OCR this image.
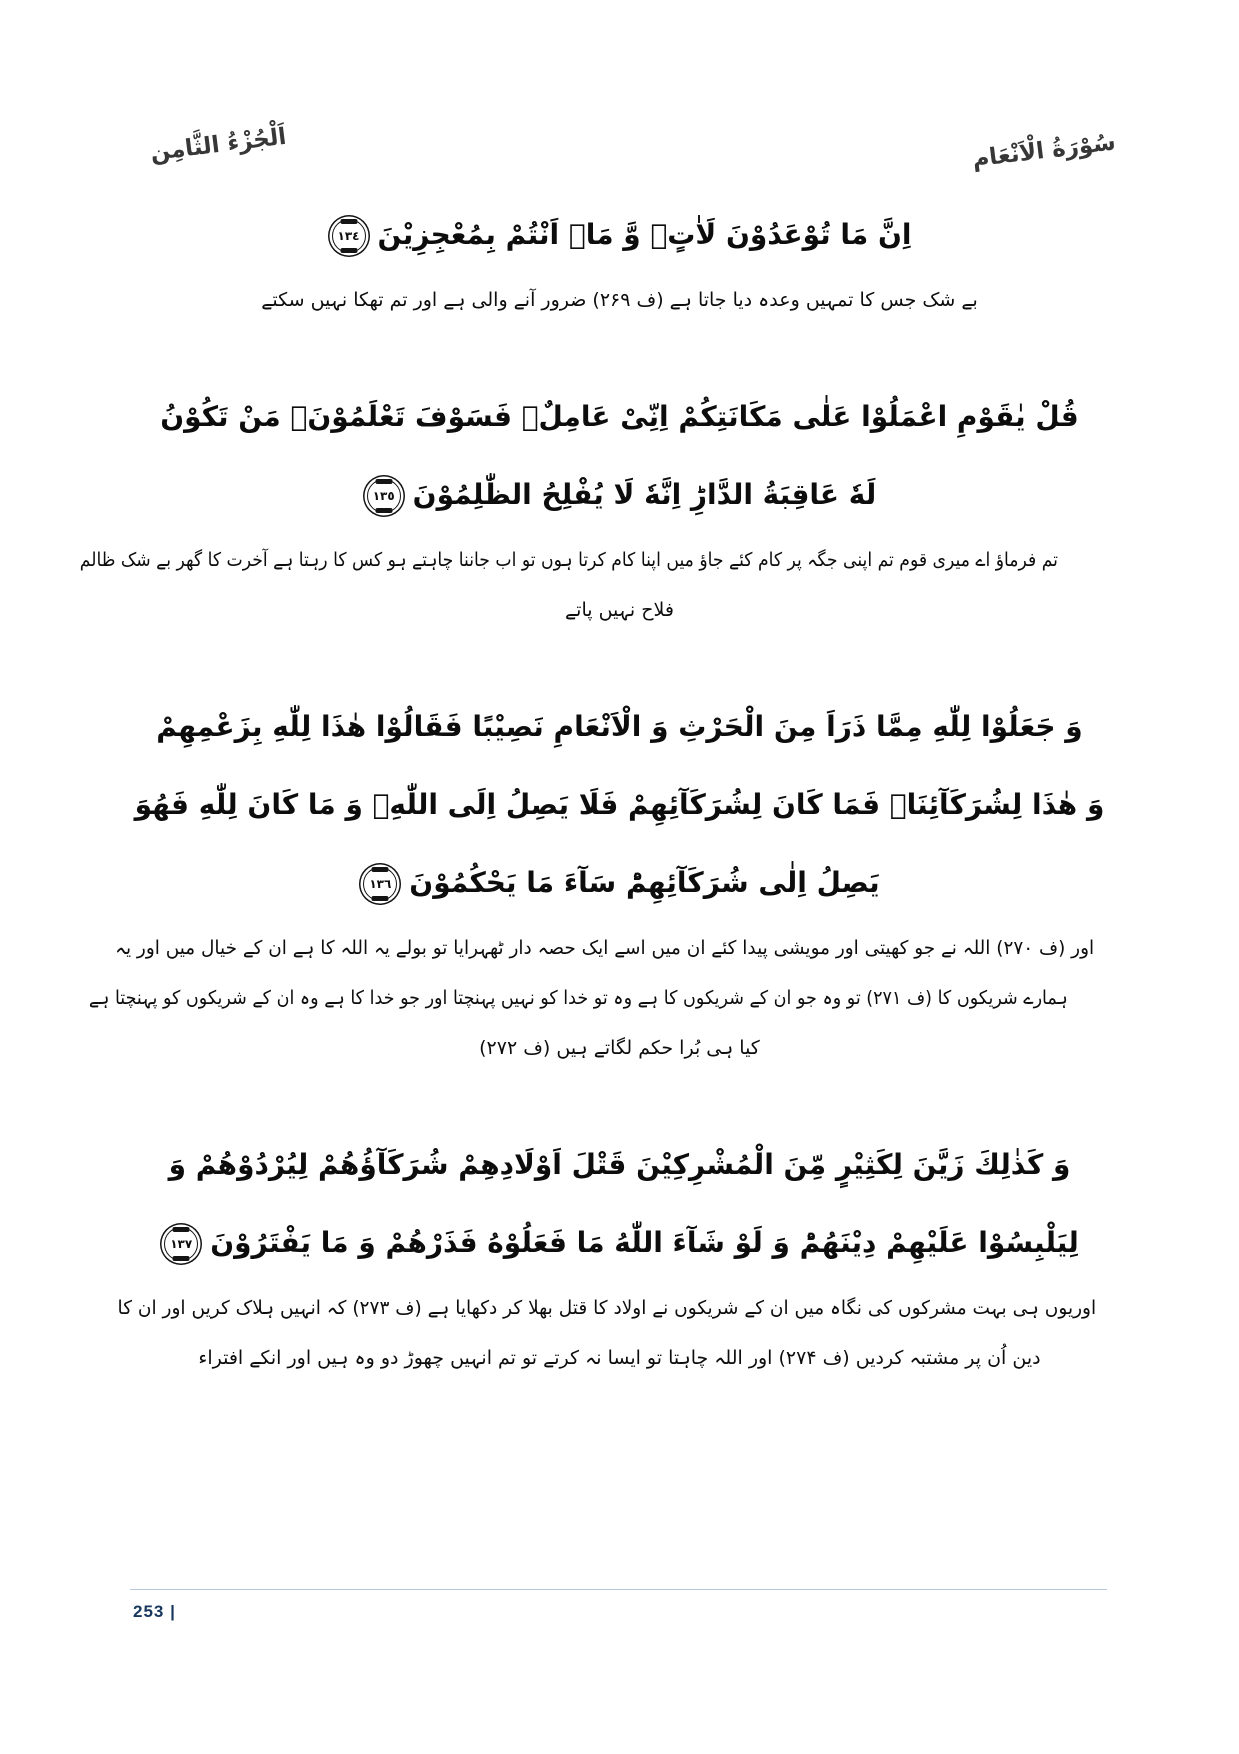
اَلْجُزْءُ الثَّامِن	سُوْرَةُ الْاَنْعَام
اِنَّ مَا تُوْعَدُوْنَ لَاٰتٍۙ وَّ مَاۤ اَنْتُمْ بِمُعْجِزِيْنَ
١٣٤
بے شک جس کا تمہیں وعدہ دیا جاتا ہے (ف ۲۶۹) ضرور آنے والی ہے اور تم تھکا نہیں سکتے
قُلْ يٰقَوْمِ اعْمَلُوْا عَلٰى مَكَانَتِكُمْ اِنِّیْ عَامِلٌۚ فَسَوْفَ تَعْلَمُوْنَۙ مَنْ تَكُوْنُ
لَهٗ عَاقِبَةُ الدَّارِؕ اِنَّهٗ لَا يُفْلِحُ الظّٰلِمُوْنَ
١٣٥
تم فرماؤ اے میری قوم تم اپنی جگہ پر کام کئے جاؤ میں اپنا کام کرتا ہوں تو اب جاننا چاہتے ہو کس کا رہتا ہے آخرت کا گھر بے شک ظالم
فلاح نہیں پاتے
وَ جَعَلُوْا لِلّٰهِ مِمَّا ذَرَاَ مِنَ الْحَرْثِ وَ الْاَنْعَامِ نَصِيْبًا فَقَالُوْا هٰذَا لِلّٰهِ بِزَعْمِهِمْ
وَ هٰذَا لِشُرَكَآئِنَاۚ فَمَا كَانَ لِشُرَكَآئِهِمْ فَلَا يَصِلُ اِلَى اللّٰهِۚ وَ مَا كَانَ لِلّٰهِ فَهُوَ
يَصِلُ اِلٰى شُرَكَآئِهِمْؕ سَآءَ مَا يَحْكُمُوْنَ
١٣٦
اور (ف ۲۷۰) اللہ نے جو کھیتی اور مویشی پیدا کئے ان میں اسے ایک حصہ دار ٹھہرایا تو بولے یہ اللہ کا ہے ان کے خیال میں اور یہ
ہمارے شریکوں کا (ف ۲۷۱) تو وہ جو ان کے شریکوں کا ہے وہ تو خدا کو نہیں پہنچتا اور جو خدا کا ہے وہ ان کے شریکوں کو پہنچتا ہے
کیا ہی بُرا حکم لگاتے ہیں (ف ۲۷۲)
وَ كَذٰلِكَ زَيَّنَ لِكَثِيْرٍ مِّنَ الْمُشْرِكِيْنَ قَتْلَ اَوْلَادِهِمْ شُرَكَآؤُهُمْ لِيُرْدُوْهُمْ وَ
لِيَلْبِسُوْا عَلَيْهِمْ دِيْنَهُمْؕ وَ لَوْ شَآءَ اللّٰهُ مَا فَعَلُوْهُ فَذَرْهُمْ وَ مَا يَفْتَرُوْنَ
١٣٧
اوریوں ہی بہت مشرکوں کی نگاہ میں ان کے شریکوں نے اولاد کا قتل بھلا کر دکھایا ہے (ف ۲۷۳) کہ انہیں ہلاک کریں اور ان کا
دین اُن پر مشتبہ کردیں (ف ۲۷۴) اور اللہ چاہتا تو ایسا نہ کرتے تو تم انہیں چھوڑ دو وہ ہیں اور انکے افتراء
253 |
